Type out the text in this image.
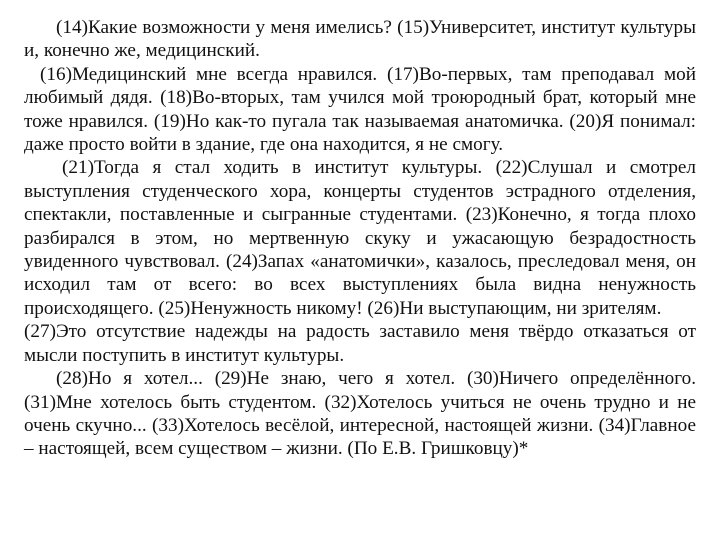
(14)Какие возможности у меня имелись? (15)Университет, институт культуры и, конечно же, медицинский.

(16)Медицинский мне всегда нравился. (17)Во-первых, там преподавал мой любимый дядя. (18)Во-вторых, там учился мой троюродный брат, который мне тоже нравился. (19)Но как-то пугала так называемая анатомичка. (20)Я понимал: даже просто войти в здание, где она находится, я не смогу.

(21)Тогда я стал ходить в институт культуры. (22)Слушал и смотрел выступления студенческого хора, концерты студентов эстрадного отделения, спектакли, поставленные и сыгранные студентами. (23)Конечно, я тогда плохо разбирался в этом, но мертвенную скуку и ужасающую безрадостность увиденного чувствовал. (24)Запах «анатомички», казалось, преследовал меня, он исходил там от всего: во всех выступлениях была видна ненужность происходящего. (25)Ненужность никому! (26)Ни выступающим, ни зрителям.

(27)Это отсутствие надежды на радость заставило меня твёрдо отказаться от мысли поступить в институт культуры.

(28)Но я хотел... (29)Не знаю, чего я хотел. (30)Ничего определённого. (31)Мне хотелось быть студентом. (32)Хотелось учиться не очень трудно и не очень скучно... (33)Хотелось весёлой, интересной, настоящей жизни. (34)Главное – настоящей, всем существом – жизни. (По Е.В. Гришковцу)*
